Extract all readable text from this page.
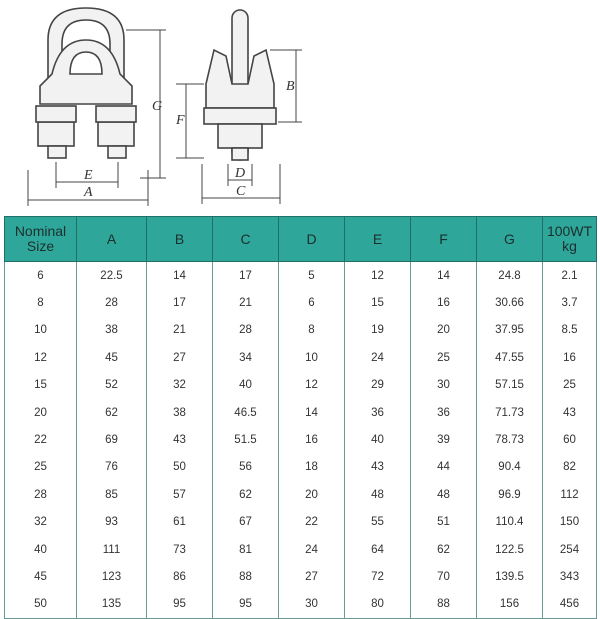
A
E
G
F
B
C
D
Nominal
Size	A	B	C	D	E	F	G	100WT
kg
6	22.5	14	17	5	12	14	24.8	2.1
8	28	17	21	6	15	16	30.66	3.7
10	38	21	28	8	19	20	37.95	8.5
12	45	27	34	10	24	25	47.55	16
15	52	32	40	12	29	30	57.15	25
20	62	38	46.5	14	36	36	71.73	43
22	69	43	51.5	16	40	39	78.73	60
25	76	50	56	18	43	44	90.4	82
28	85	57	62	20	48	48	96.9	112
32	93	61	67	22	55	51	110.4	150
40	111	73	81	24	64	62	122.5	254
45	123	86	88	27	72	70	139.5	343
50	135	95	95	30	80	88	156	456
